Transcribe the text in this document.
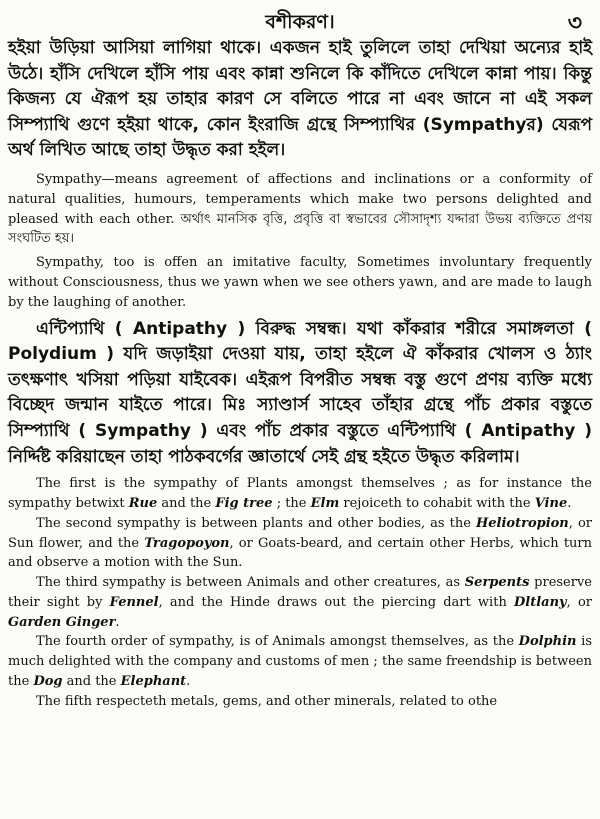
বশীকরণ।	৩

হইয়া উড়িয়া আসিয়া লাগিয়া থাকে। একজন হাই তুলিলে তাহা দেখিয়া অন্যের হাই উঠে। হাঁসি দেখিলে হাঁসি পায় এবং কান্না শুনিলে কি কাঁদিতে দেখিলে কান্না পায়। কিন্তু কিজন্য যে ঐরূপ হয় তাহার কারণ সে বলিতে পারে না এবং জানে না এই সকল সিম্প্যাথি গুণে হইয়া থাকে, কোন ইংরাজি গ্রন্থে সিম্প্যাথির (Sympathyর) যেরূপ অর্থ লিখিত আছে তাহা উদ্ধৃত করা হইল।

Sympathy—means agreement of affections and inclinations or a conformity of natural qualities, humours, temperaments which make two persons delighted and pleased with each other. অর্থাৎ মানসিক বৃত্তি, প্রবৃত্তি বা স্বভাবের সৌসাদৃশ্য যদ্দারা উভয় ব্যক্তিতে প্রণয় সংঘটিত হয়।

Sympathy, too is offen an imitative faculty, Sometimes involuntary frequently without Consciousness, thus we yawn when we see others yawn, and are made to laugh by the laughing of another.

এন্টিপ্যাথি ( Antipathy ) বিরুদ্ধ সম্বন্ধ। যথা কাঁকরার শরীরে সমাঙ্গলতা ( Polydium ) যদি জড়াইয়া দেওয়া যায়, তাহা হইলে ঐ কাঁকরার খোলস ও ঠ্যাং তৎক্ষণাৎ খসিয়া পড়িয়া যাইবেক। এইরূপ বিপরীত সম্বন্ধ বস্তু গুণে প্রণয় ব্যক্তি মধ্যে বিচ্ছেদ জন্মান যাইতে পারে। মিঃ স্যাণ্ডার্স সাহেব তাঁহার গ্রন্থে পাঁচ প্রকার বস্তুতে সিম্প্যাথি ( Sympathy ) এবং পাঁচ প্রকার বস্তুতে এন্টিপ্যাথি ( Antipathy ) নির্দ্দিষ্ট করিয়াছেন তাহা পাঠকবর্গের জ্ঞাতার্থে সেই গ্রন্থ হইতে উদ্ধৃত করিলাম।

The first is the sympathy of Plants amongst themselves ; as for instance the sympathy betwixt Rue and the Fig tree ; the Elm rejoiceth to cohabit with the Vine.

The second sympathy is between plants and other bodies, as the Heliotropion, or Sun flower, and the Tragopoyon, or Goats-beard, and certain other Herbs, which turn and observe a motion with the Sun.

The third sympathy is between Animals and other creatures, as Serpents preserve their sight by Fennel, and the Hinde draws out the piercing dart with Dltlany, or Garden Ginger.

The fourth order of sympathy, is of Animals amongst themselves, as the Dolphin is much delighted with the company and customs of men ; the same freendship is between the Dog and the Elephant.

The fifth respecteth metals, gems, and other minerals, related to othe
